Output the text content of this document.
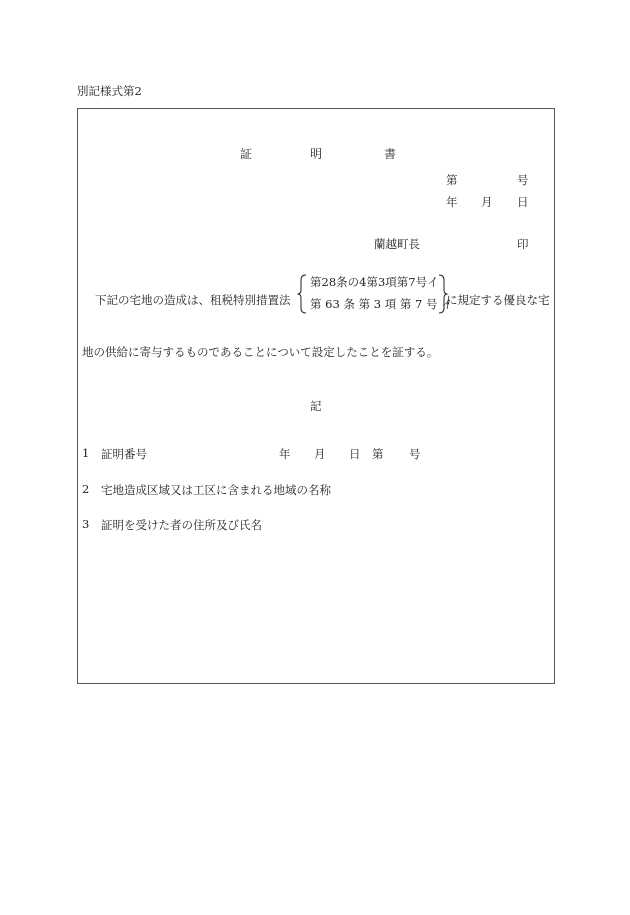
別記様式第2
証	明	書
第	号
年 月 日
蘭越町長	印
下記の宅地の造成は、租税特別措置法
第28条の4第3項第7号イ
第 63 条 第 3 項 第 7 号 イ
に規定する優良な宅
地の供給に寄与するものであることについて設定したことを証する。
記
1 証明番号	年 月 日 第 号
2 宅地造成区域又は工区に含まれる地域の名称
3 証明を受けた者の住所及び氏名
